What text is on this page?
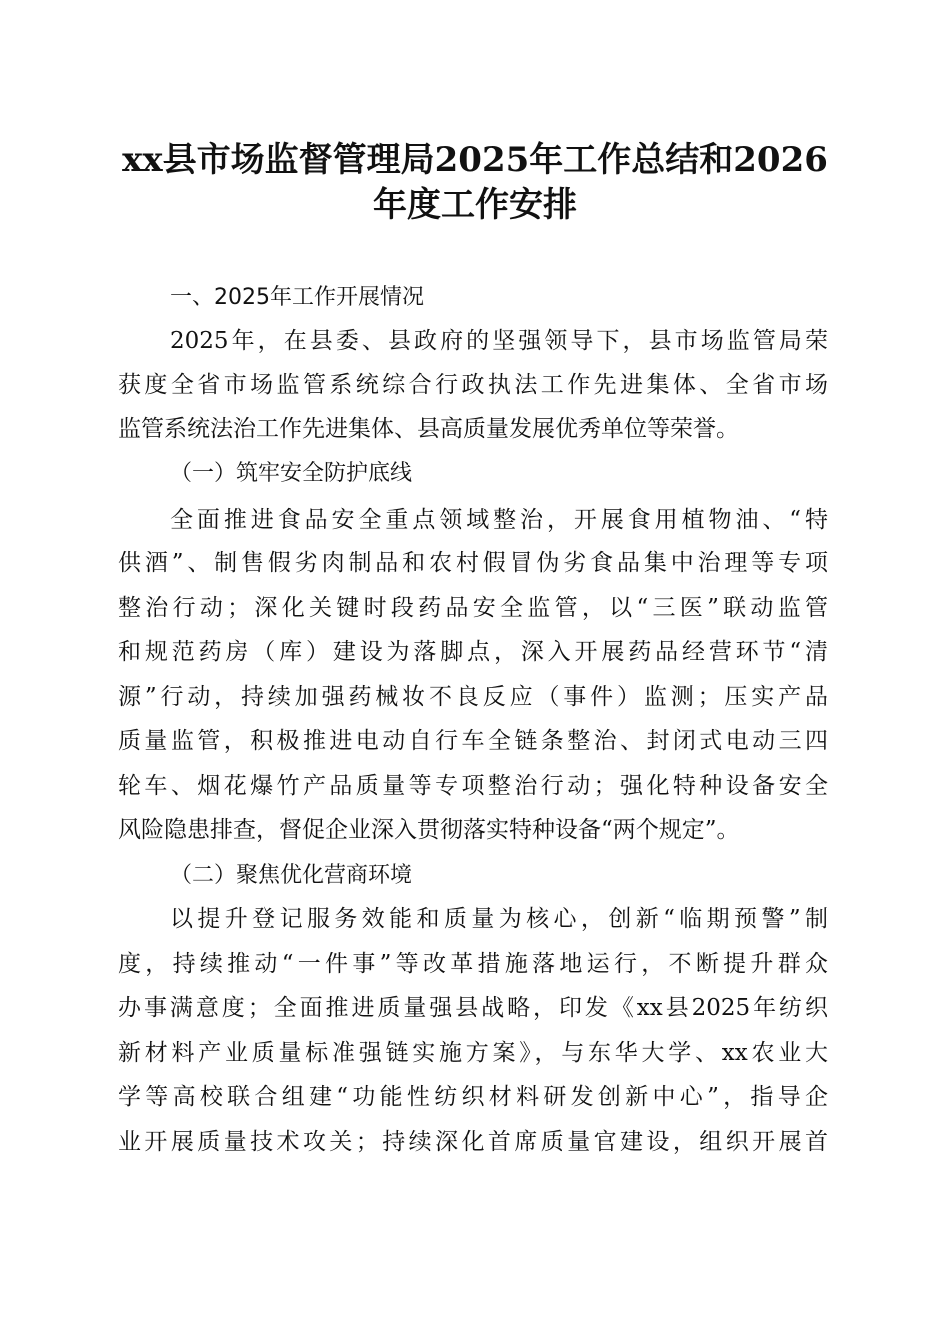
xx县市场监督管理局2025年工作总结和2026
年度工作安排
一、2025年工作开展情况
2025年，在县委、县政府的坚强领导下，县市场监管局荣
获度全省市场监管系统综合行政执法工作先进集体、全省市场
监管系统法治工作先进集体、县高质量发展优秀单位等荣誉。
（一）筑牢安全防护底线
全面推进食品安全重点领域整治，开展食用植物油、“特
供酒”、制售假劣肉制品和农村假冒伪劣食品集中治理等专项
整治行动；深化关键时段药品安全监管，以“三医”联动监管
和规范药房（库）建设为落脚点，深入开展药品经营环节“清
源”行动，持续加强药械妆不良反应（事件）监测；压实产品
质量监管，积极推进电动自行车全链条整治、封闭式电动三四
轮车、烟花爆竹产品质量等专项整治行动；强化特种设备安全
风险隐患排查，督促企业深入贯彻落实特种设备“两个规定”。
（二）聚焦优化营商环境
以提升登记服务效能和质量为核心，创新“临期预警”制
度，持续推动“一件事”等改革措施落地运行，不断提升群众
办事满意度；全面推进质量强县战略，印发《xx县2025年纺织
新材料产业质量标准强链实施方案》，与东华大学、xx农业大
学等高校联合组建“功能性纺织材料研发创新中心”，指导企
业开展质量技术攻关；持续深化首席质量官建设，组织开展首
